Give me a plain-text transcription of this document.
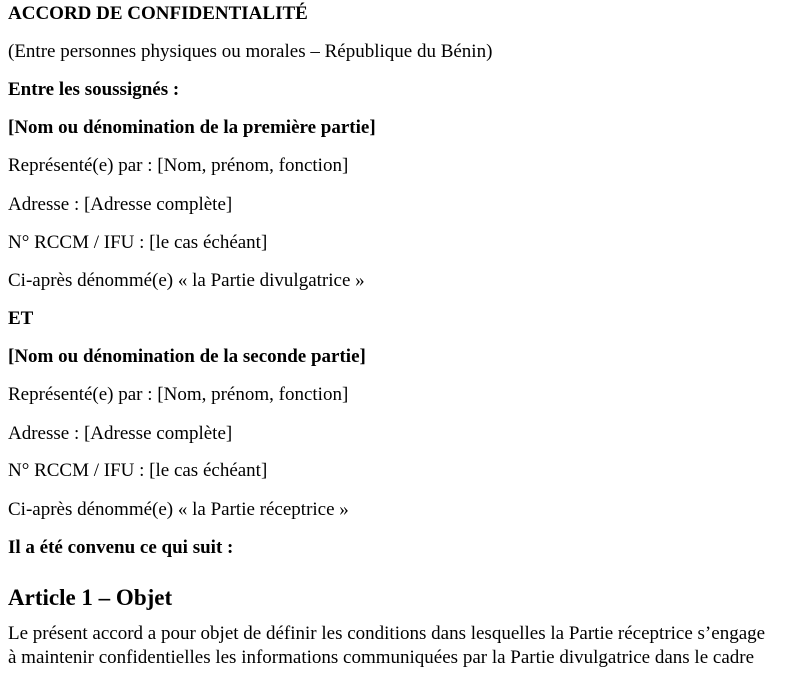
ACCORD DE CONFIDENTIALITÉ
(Entre personnes physiques ou morales – République du Bénin)
Entre les soussignés :
[Nom ou dénomination de la première partie]
Représenté(e) par : [Nom, prénom, fonction]
Adresse : [Adresse complète]
N° RCCM / IFU : [le cas échéant]
Ci-après dénommé(e) « la Partie divulgatrice »
ET
[Nom ou dénomination de la seconde partie]
Représenté(e) par : [Nom, prénom, fonction]
Adresse : [Adresse complète]
N° RCCM / IFU : [le cas échéant]
Ci-après dénommé(e) « la Partie réceptrice »
Il a été convenu ce qui suit :
Article 1 – Objet
Le présent accord a pour objet de définir les conditions dans lesquelles la Partie réceptrice s’engage
à maintenir confidentielles les informations communiquées par la Partie divulgatrice dans le cadre
